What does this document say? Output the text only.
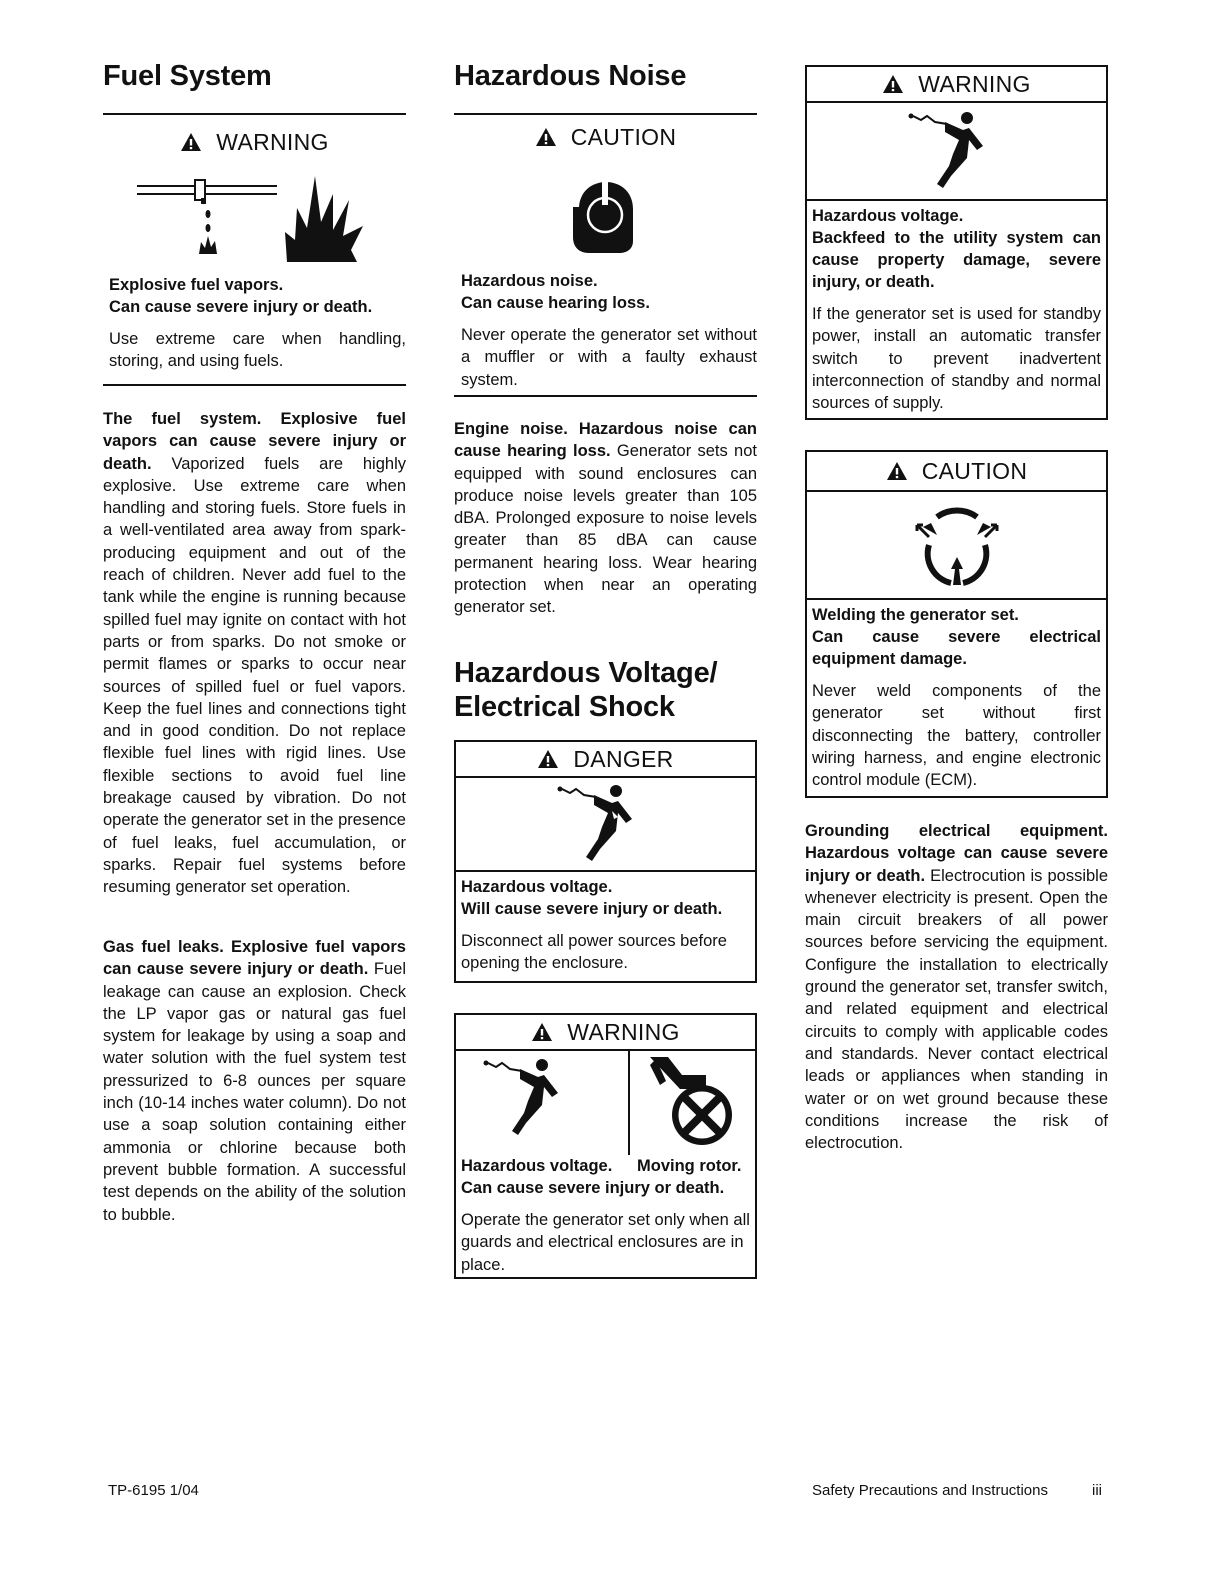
Fuel System
WARNING

Explosive fuel vapors.

Can cause severe injury or death.

Use extreme care when handling, storing, and using fuels.

The fuel system. Explosive fuel vapors can cause severe injury or death. Vaporized fuels are highly explosive. Use extreme care when handling and storing fuels. Store fuels in a well-ventilated area away from spark-producing equipment and out of the reach of children. Never add fuel to the tank while the engine is running because spilled fuel may ignite on contact with hot parts or from sparks. Do not smoke or permit flames or sparks to occur near sources of spilled fuel or fuel vapors. Keep the fuel lines and connections tight and in good condition. Do not replace flexible fuel lines with rigid lines. Use flexible sections to avoid fuel line breakage caused by vibration. Do not operate the generator set in the presence of fuel leaks, fuel accumulation, or sparks. Repair fuel systems before resuming generator set operation.

Gas fuel leaks. Explosive fuel vapors can cause severe injury or death. Fuel leakage can cause an explosion. Check the LP vapor gas or natural gas fuel system for leakage by using a soap and water solution with the fuel system test pressurized to 6-8 ounces per square inch (10-14 inches water column). Do not use a soap solution containing either ammonia or chlorine because both prevent bubble formation. A successful test depends on the ability of the solution to bubble.

Hazardous Noise
CAUTION

Hazardous noise.

Can cause hearing loss.

Never operate the generator set without a muffler or with a faulty exhaust system.

Engine noise. Hazardous noise can cause hearing loss. Generator sets not equipped with sound enclosures can produce noise levels greater than 105 dBA. Prolonged exposure to noise levels greater than 85 dBA can cause permanent hearing loss. Wear hearing protection when near an operating generator set.

Hazardous Voltage/
Electrical Shock
DANGER

Hazardous voltage.

Will cause severe injury or death.

Disconnect all power sources before opening the enclosure.

WARNING

Hazardous voltage.	Moving rotor.

Can cause severe injury or death.

Operate the generator set only when all guards and electrical enclosures are in place.

WARNING

Hazardous voltage.

Backfeed to the utility system can cause property damage, severe injury, or death.

If the generator set is used for standby power, install an automatic transfer switch to prevent inadvertent interconnection of standby and normal sources of supply.

CAUTION

Welding the generator set.

Can cause severe electrical equipment damage.

Never weld components of the generator set without first disconnecting the battery, controller wiring harness, and engine electronic control module (ECM).

Grounding electrical equipment. Hazardous voltage can cause severe injury or death. Electrocution is possible whenever electricity is present. Open the main circuit breakers of all power sources before servicing the equipment. Configure the installation to electrically ground the generator set, transfer switch, and related equipment and electrical circuits to comply with applicable codes and standards. Never contact electrical leads or appliances when standing in water or on wet ground because these conditions increase the risk of electrocution.

TP-6195 1/04	Safety Precautions and Instructions	iii
